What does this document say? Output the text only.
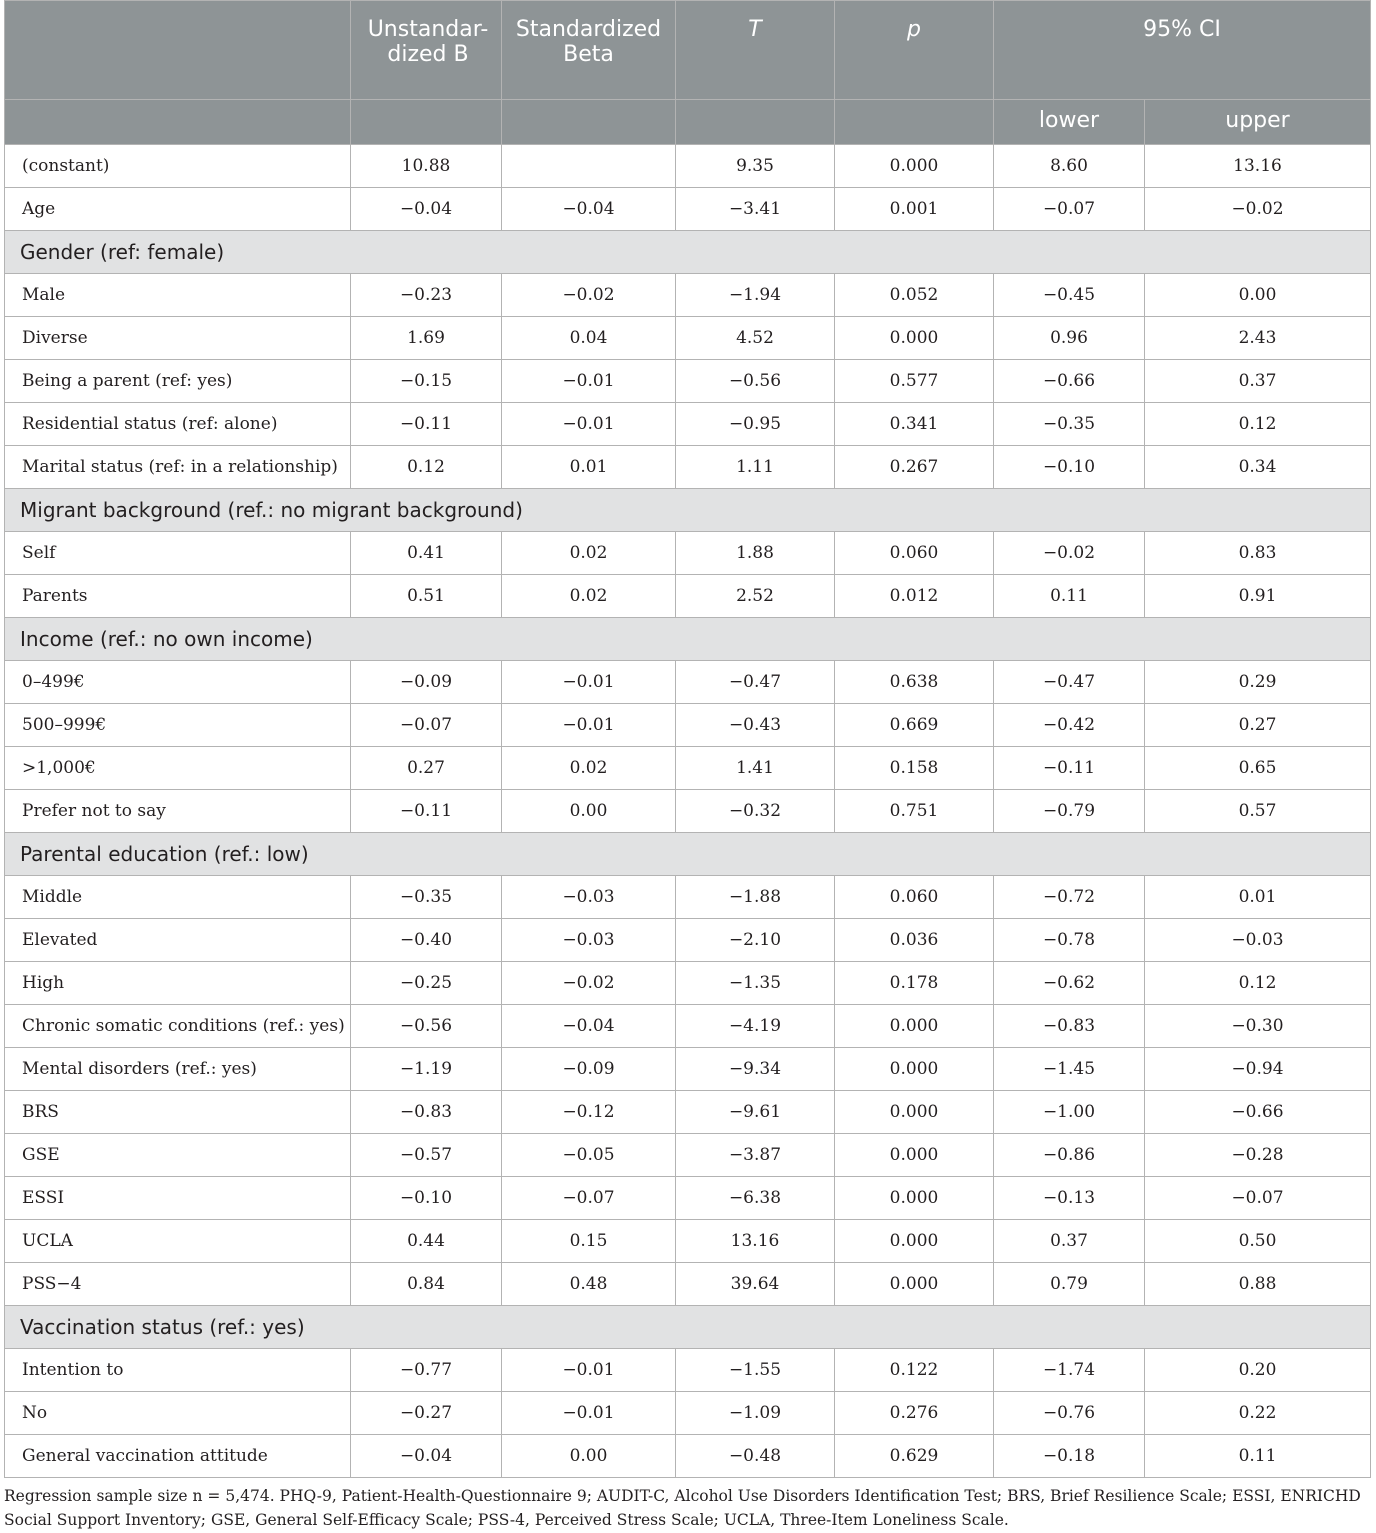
	Unstandar- dized B	Standardized Beta	T	p	95% CI	
					lower	upper
(constant)	10.88		9.35	0.000	8.60	13.16
Age	−0.04	−0.04	−3.41	0.001	−0.07	−0.02
Gender (ref: female)						
Male	−0.23	−0.02	−1.94	0.052	−0.45	0.00
Diverse	1.69	0.04	4.52	0.000	0.96	2.43
Being a parent (ref: yes)	−0.15	−0.01	−0.56	0.577	−0.66	0.37
Residential status (ref: alone)	−0.11	−0.01	−0.95	0.341	−0.35	0.12
Marital status (ref: in a relationship)	0.12	0.01	1.11	0.267	−0.10	0.34
Migrant background (ref.: no migrant background)						
Self	0.41	0.02	1.88	0.060	−0.02	0.83
Parents	0.51	0.02	2.52	0.012	0.11	0.91
Income (ref.: no own income)						
0–499€	−0.09	−0.01	−0.47	0.638	−0.47	0.29
500–999€	−0.07	−0.01	−0.43	0.669	−0.42	0.27
>1,000€	0.27	0.02	1.41	0.158	−0.11	0.65
Prefer not to say	−0.11	0.00	−0.32	0.751	−0.79	0.57
Parental education (ref.: low)						
Middle	−0.35	−0.03	−1.88	0.060	−0.72	0.01
Elevated	−0.40	−0.03	−2.10	0.036	−0.78	−0.03
High	−0.25	−0.02	−1.35	0.178	−0.62	0.12
Chronic somatic conditions (ref.: yes)	−0.56	−0.04	−4.19	0.000	−0.83	−0.30
Mental disorders (ref.: yes)	−1.19	−0.09	−9.34	0.000	−1.45	−0.94
BRS	−0.83	−0.12	−9.61	0.000	−1.00	−0.66
GSE	−0.57	−0.05	−3.87	0.000	−0.86	−0.28
ESSI	−0.10	−0.07	−6.38	0.000	−0.13	−0.07
UCLA	0.44	0.15	13.16	0.000	0.37	0.50
PSS−4	0.84	0.48	39.64	0.000	0.79	0.88
Vaccination status (ref.: yes)						
Intention to	−0.77	−0.01	−1.55	0.122	−1.74	0.20
No	−0.27	−0.01	−1.09	0.276	−0.76	0.22
General vaccination attitude	−0.04	0.00	−0.48	0.629	−0.18	0.11
Regression sample size n = 5,474. PHQ-9, Patient-Health-Questionnaire 9; AUDIT-C, Alcohol Use Disorders Identification Test; BRS, Brief Resilience Scale; ESSI, ENRICHD Social Support Inventory; GSE, General Self-Efficacy Scale; PSS-4, Perceived Stress Scale; UCLA, Three-Item Loneliness Scale.
